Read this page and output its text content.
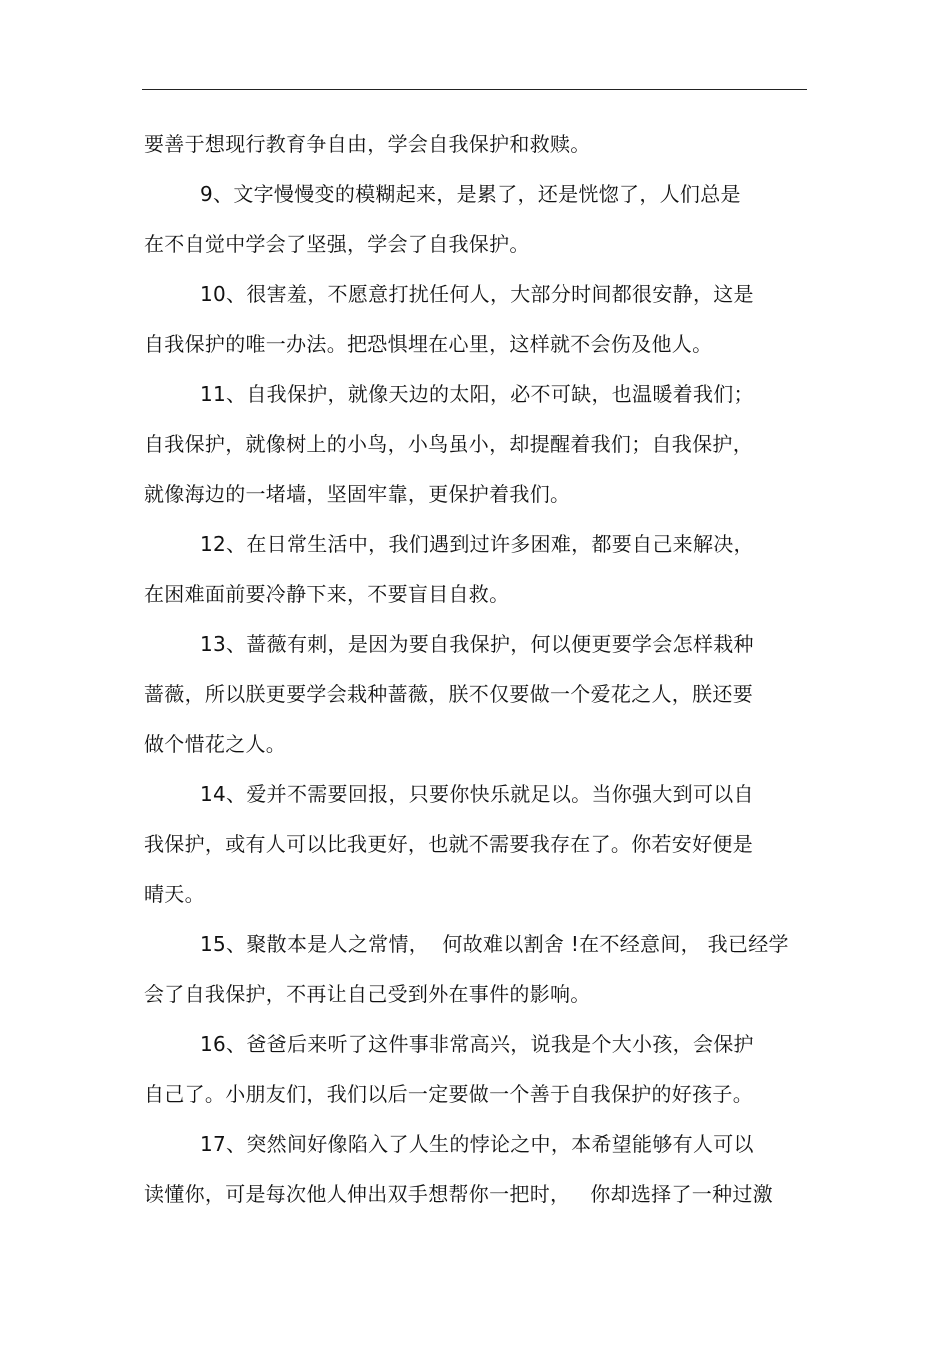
要善于想现行教育争自由，学会自我保护和救赎。
9、文字慢慢变的模糊起来，是累了，还是恍惚了，人们总是
在不自觉中学会了坚强，学会了自我保护。
10、很害羞，不愿意打扰任何人，大部分时间都很安静，这是
自我保护的唯一办法。把恐惧埋在心里，这样就不会伤及他人。
11、自我保护，就像天边的太阳，必不可缺，也温暖着我们；
自我保护，就像树上的小鸟，小鸟虽小，却提醒着我们；自我保护，
就像海边的一堵墙，坚固牢靠，更保护着我们。
12、在日常生活中，我们遇到过许多困难，都要自己来解决，
在困难面前要冷静下来，不要盲目自救。
13、蔷薇有刺，是因为要自我保护，何以便更要学会怎样栽种
蔷薇，所以朕更要学会栽种蔷薇，朕不仅要做一个爱花之人，朕还要
做个惜花之人。
14、爱并不需要回报，只要你快乐就足以。当你强大到可以自
我保护，或有人可以比我更好，也就不需要我存在了。你若安好便是
晴天。
15、聚散本是人之常情，  何故难以割舍 !在不经意间， 我已经学
会了自我保护，不再让自己受到外在事件的影响。
16、爸爸后来听了这件事非常高兴，说我是个大小孩，会保护
自己了。小朋友们，我们以后一定要做一个善于自我保护的好孩子。
17、突然间好像陷入了人生的悖论之中，本希望能够有人可以
读懂你，可是每次他人伸出双手想帮你一把时，   你却选择了一种过激
